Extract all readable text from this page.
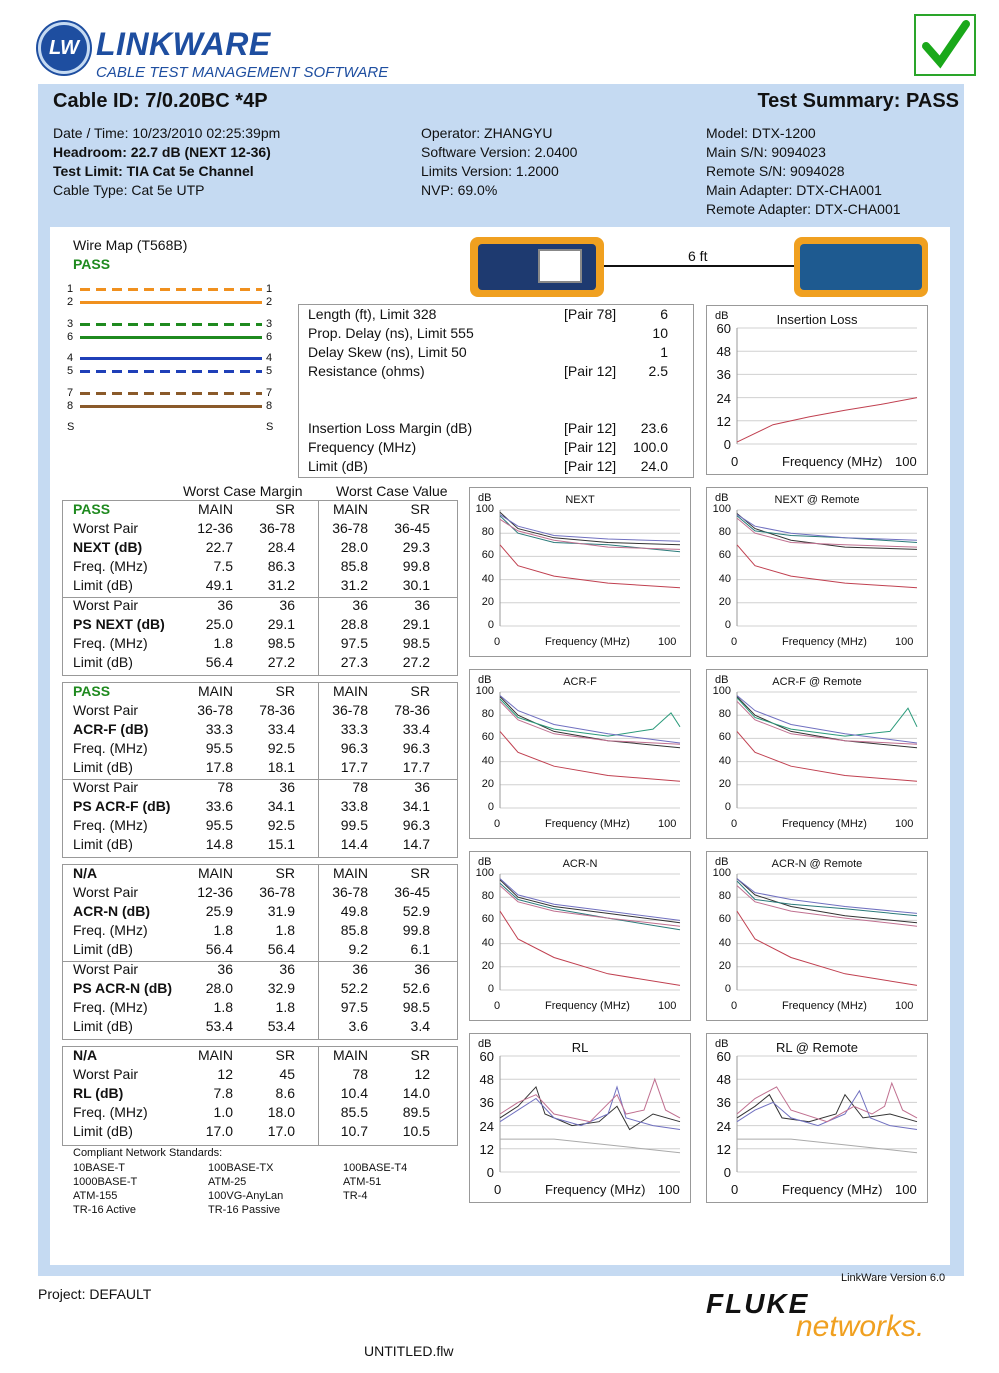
LW LINKWARE
CABLE TEST MANAGEMENT SOFTWARE
Cable ID: 7/0.20BC *4P	Test Summary: PASS
Date / Time: 10/23/2010 02:25:39pm
Headroom: 22.7 dB (NEXT 12-36)
Test Limit: TIA Cat 5e Channel
Cable Type: Cat 5e UTP
Operator: ZHANGYU
Software Version: 2.0400
Limits Version: 1.2000
NVP: 69.0%
Model: DTX-1200
Main S/N: 9094023
Remote S/N: 9094028
Main Adapter: DTX-CHA001
Remote Adapter: DTX-CHA001
Wire Map (T568B)
PASS
1	1
2	2
3	3
6	6
4	4
5	5
7	7
8	8
S	S
6 ft
Length (ft), Limit 328	[Pair 78]	6
Prop. Delay (ns), Limit 555	10
Delay Skew (ns), Limit 50	1
Resistance (ohms)	[Pair 12]	2.5
Insertion Loss Margin (dB)	[Pair 12]	23.6
Frequency (MHz)	[Pair 12]	100.0
Limit (dB)	[Pair 12]	24.0
Worst Case Margin Worst Case Value
PASS	MAIN	SR	MAIN	SR
Worst Pair	12-36	36-78	36-78	36-45
NEXT (dB)	22.7	28.4	28.0	29.3
Freq. (MHz)	7.5	86.3	85.8	99.8
Limit (dB)	49.1	31.2	31.2	30.1
Worst Pair	36	36	36	36
PS NEXT (dB)	25.0	29.1	28.8	29.1
Freq. (MHz)	1.8	98.5	97.5	98.5
Limit (dB)	56.4	27.2	27.3	27.2
PASS	MAIN	SR	MAIN	SR
Worst Pair	36-78	78-36	36-78	78-36
ACR-F (dB)	33.3	33.4	33.3	33.4
Freq. (MHz)	95.5	92.5	96.3	96.3
Limit (dB)	17.8	18.1	17.7	17.7
Worst Pair	78	36	78	36
PS ACR-F (dB)	33.6	34.1	33.8	34.1
Freq. (MHz)	95.5	92.5	99.5	96.3
Limit (dB)	14.8	15.1	14.4	14.7
N/A	MAIN	SR	MAIN	SR
Worst Pair	12-36	36-78	36-78	36-45
ACR-N (dB)	25.9	31.9	49.8	52.9
Freq. (MHz)	1.8	1.8	85.8	99.8
Limit (dB)	56.4	56.4	9.2	6.1
Worst Pair	36	36	36	36
PS ACR-N (dB)	28.0	32.9	52.2	52.6
Freq. (MHz)	1.8	1.8	97.5	98.5
Limit (dB)	53.4	53.4	3.6	3.4
N/A	MAIN	SR	MAIN	SR
Worst Pair	12	45	78	12
RL (dB)	7.8	8.6	10.4	14.0
Freq. (MHz)	1.0	18.0	85.5	89.5
Limit (dB)	17.0	17.0	10.7	10.5
Compliant Network Standards:
10BASE-T
1000BASE-T
ATM-155
TR-16 Active
100BASE-TX
ATM-25
100VG-AnyLan
TR-16 Passive
100BASE-T4
ATM-51
TR-4
Insertion Loss
dB
0
12
24
36
48
60
0	Frequency (MHz) 100
NEXT
dB
0
20
40
60
80
100
0	Frequency (MHz)	100
NEXT @ Remote
dB
0
20
40
60
80
100
0	Frequency (MHz)	100
ACR-F
dB
0
20
40
60
80
100
0	Frequency (MHz)	100
ACR-F @ Remote
dB
0
20
40
60
80
100
0	Frequency (MHz)	100
ACR-N
dB
0
20
40
60
80
100
0	Frequency (MHz)	100
ACR-N @ Remote
dB
0
20
40
60
80
100
0	Frequency (MHz)	100
RL
dB
0
12
24
36
48
60
0	Frequency (MHz) 100
RL @ Remote
dB
0
12
24
36
48
60
0	Frequency (MHz) 100
Project: DEFAULT
LinkWare Version 6.0
UNTITLED.flw
FLUKE
networks.
